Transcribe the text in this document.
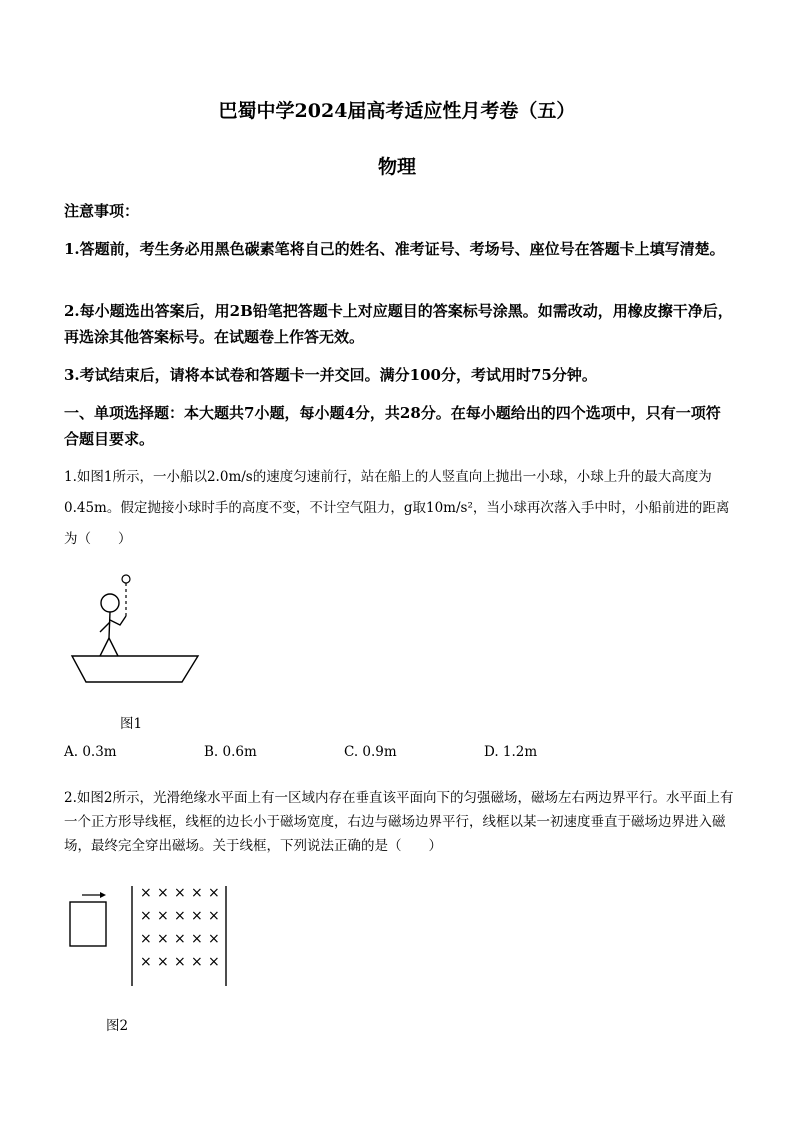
巴蜀中学2024届高考适应性月考卷（五）
物理
注意事项：
1.答题前，考生务必用黑色碳素笔将自己的姓名、准考证号、考场号、座位号在答题卡上填写清楚。
2.每小题选出答案后，用2B铅笔把答题卡上对应题目的答案标号涂黑。如需改动，用橡皮擦干净后，再选涂其他答案标号。在试题卷上作答无效。
3.考试结束后，请将本试卷和答题卡一并交回。满分100分，考试用时75分钟。
一、单项选择题：本大题共7小题，每小题4分，共28分。在每小题给出的四个选项中，只有一项符合题目要求。
1.如图1所示，一小船以2.0m/s的速度匀速前行，站在船上的人竖直向上抛出一小球，小球上升的最大高度为0.45m。假定抛接小球时手的高度不变，不计空气阻力，g取10m/s²，当小球再次落入手中时，小船前进的距离为（　　）
图1
A. 0.3m	B. 0.6m	C. 0.9m	D. 1.2m
2.如图2所示，光滑绝缘水平面上有一区域内存在垂直该平面向下的匀强磁场，磁场左右两边界平行。水平面上有一个正方形导线框，线框的边长小于磁场宽度，右边与磁场边界平行，线框以某一初速度垂直于磁场边界进入磁场，最终完全穿出磁场。关于线框，下列说法正确的是（　　）
× × × × ×
× × × × ×
× × × × ×
× × × × ×
图2
